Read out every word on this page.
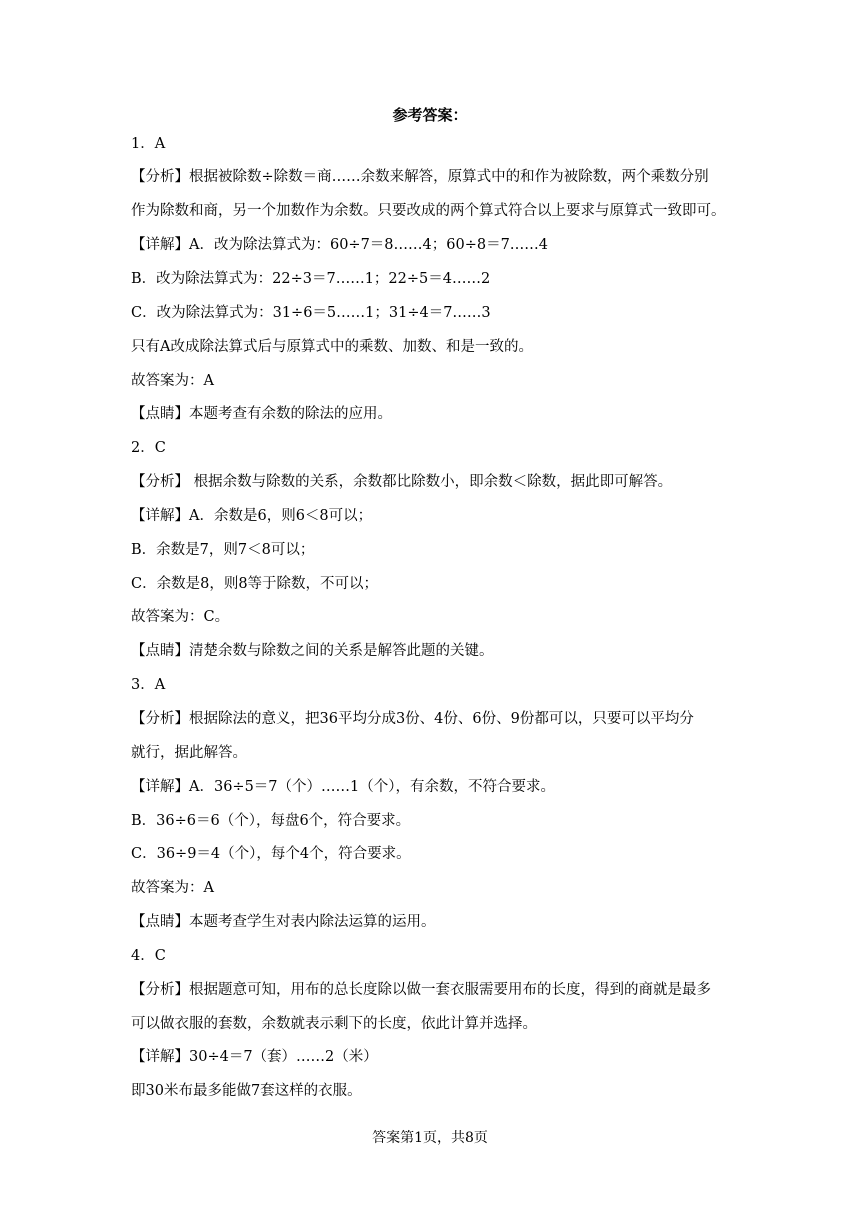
参考答案：
1．A
【分析】根据被除数÷除数＝商……余数来解答，原算式中的和作为被除数，两个乘数分别
作为除数和商，另一个加数作为余数。只要改成的两个算式符合以上要求与原算式一致即可。
【详解】A．改为除法算式为：60÷7＝8……4；60÷8＝7……4
B．改为除法算式为：22÷3＝7……1；22÷5＝4……2
C．改为除法算式为：31÷6＝5……1；31÷4＝7……3
只有A改成除法算式后与原算式中的乘数、加数、和是一致的。
故答案为：A
【点睛】本题考查有余数的除法的应用。
2．C
【分析】 根据余数与除数的关系，余数都比除数小，即余数＜除数，据此即可解答。
【详解】A．余数是6，则6＜8可以；
B．余数是7，则7＜8可以；
C．余数是8，则8等于除数，不可以；
故答案为：C。
【点睛】清楚余数与除数之间的关系是解答此题的关键。
3．A
【分析】根据除法的意义，把36平均分成3份、4份、6份、9份都可以，只要可以平均分
就行，据此解答。
【详解】A．36÷5＝7（个）……1（个），有余数，不符合要求。
B．36÷6＝6（个），每盘6个，符合要求。
C．36÷9＝4（个），每个4个，符合要求。
故答案为：A
【点睛】本题考查学生对表内除法运算的运用。
4．C
【分析】根据题意可知，用布的总长度除以做一套衣服需要用布的长度，得到的商就是最多
可以做衣服的套数，余数就表示剩下的长度，依此计算并选择。
【详解】30÷4＝7（套）……2（米）
即30米布最多能做7套这样的衣服。
答案第1页，共8页
